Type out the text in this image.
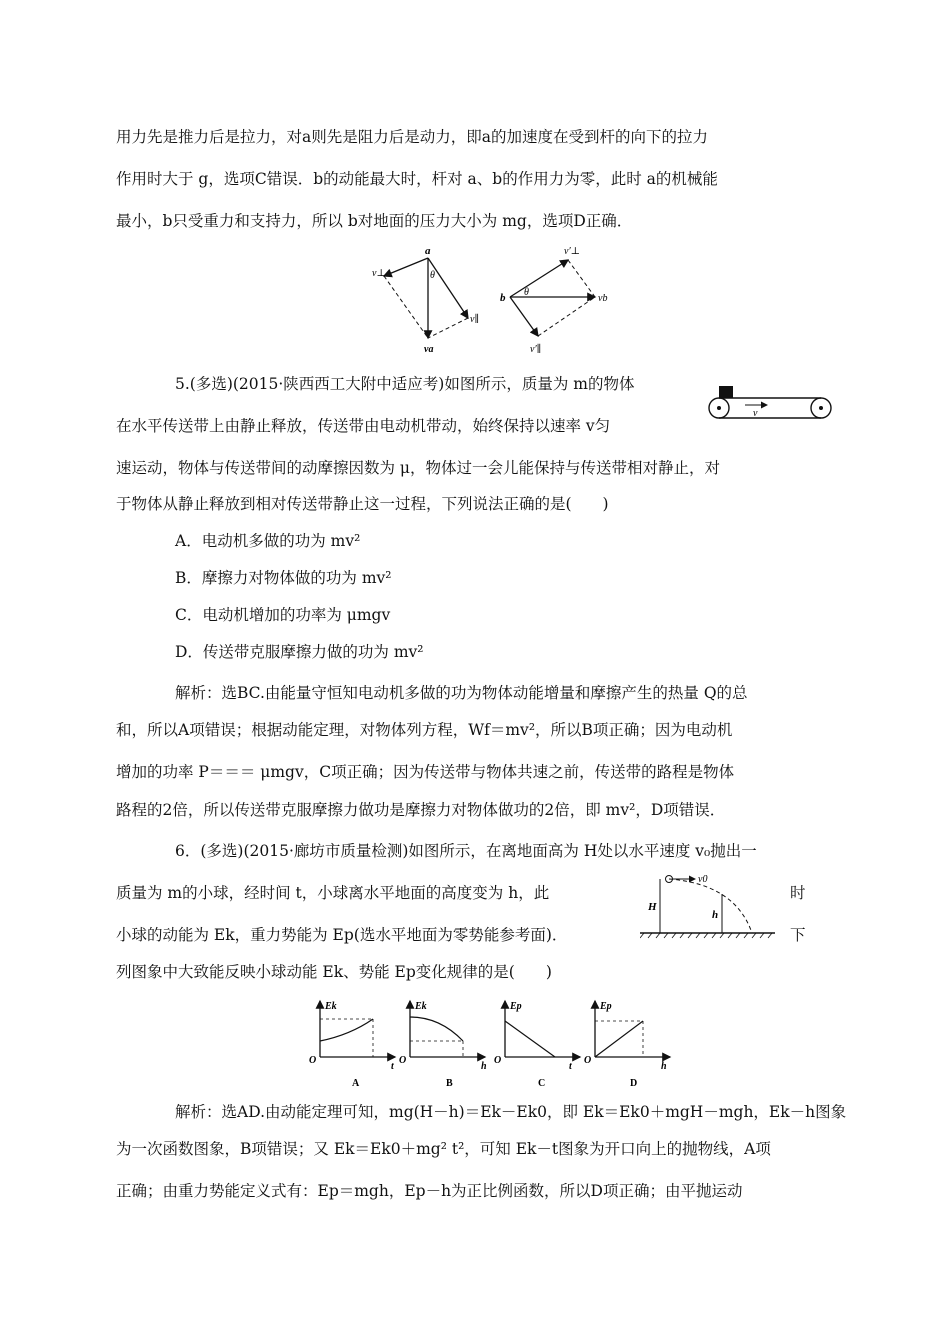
用力先是推力后是拉力，对a则先是阻力后是动力，即a的加速度在受到杆的向下的拉力
作用时大于 g，选项C错误．b的动能最大时，杆对 a、b的作用力为零，此时 a的机械能
最小，b只受重力和支持力，所以 b对地面的压力大小为 mg，选项D正确．
a
θ
v⊥
v∥
va
b θ
v′⊥
vb
v′∥
5.(多选)(2015·陕西西工大附中适应考)如图所示，质量为 m的物体
在水平传送带上由静止释放，传送带由电动机带动，始终保持以速率 v匀
速运动，物体与传送带间的动摩擦因数为 μ，物体过一会儿能保持与传送带相对静止，对
于物体从静止释放到相对传送带静止这一过程，下列说法正确的是(　　)
v
A．电动机多做的功为 mv²
B．摩擦力对物体做的功为 mv²
C．电动机增加的功率为 μmgv
D．传送带克服摩擦力做的功为 mv²
解析：选BC.由能量守恒知电动机多做的功为物体动能增量和摩擦产生的热量 Q的总
和，所以A项错误；根据动能定理，对物体列方程，Wf＝mv²，所以B项正确；因为电动机
增加的功率 P＝＝＝ μmgv，C项正确；因为传送带与物体共速之前，传送带的路程是物体
路程的2倍，所以传送带克服摩擦力做功是摩擦力对物体做功的2倍，即 mv²，D项错误．
6．(多选)(2015·廊坊市质量检测)如图所示，在离地面高为 H处以水平速度 v₀抛出一
质量为 m的小球，经时间 t，小球离水平地面的高度变为 h，此	时
小球的动能为 Ek，重力势能为 Ep(选水平地面为零势能参考面)．	下
列图象中大致能反映小球动能 Ek、势能 Ep变化规律的是(　　)
H
h
v0
Ek
O
t
A
Ek
O
h
B
Ep
O
t
C
Ep
O
h
D
解析：选AD.由动能定理可知，mg(H－h)＝Ek－Ek0，即 Ek＝Ek0＋mgH－mgh，Ek－h图象
为一次函数图象，B项错误；又 Ek＝Ek0＋mg² t²，可知 Ek－t图象为开口向上的抛物线，A项
正确；由重力势能定义式有：Ep＝mgh，Ep－h为正比例函数，所以D项正确；由平抛运动
